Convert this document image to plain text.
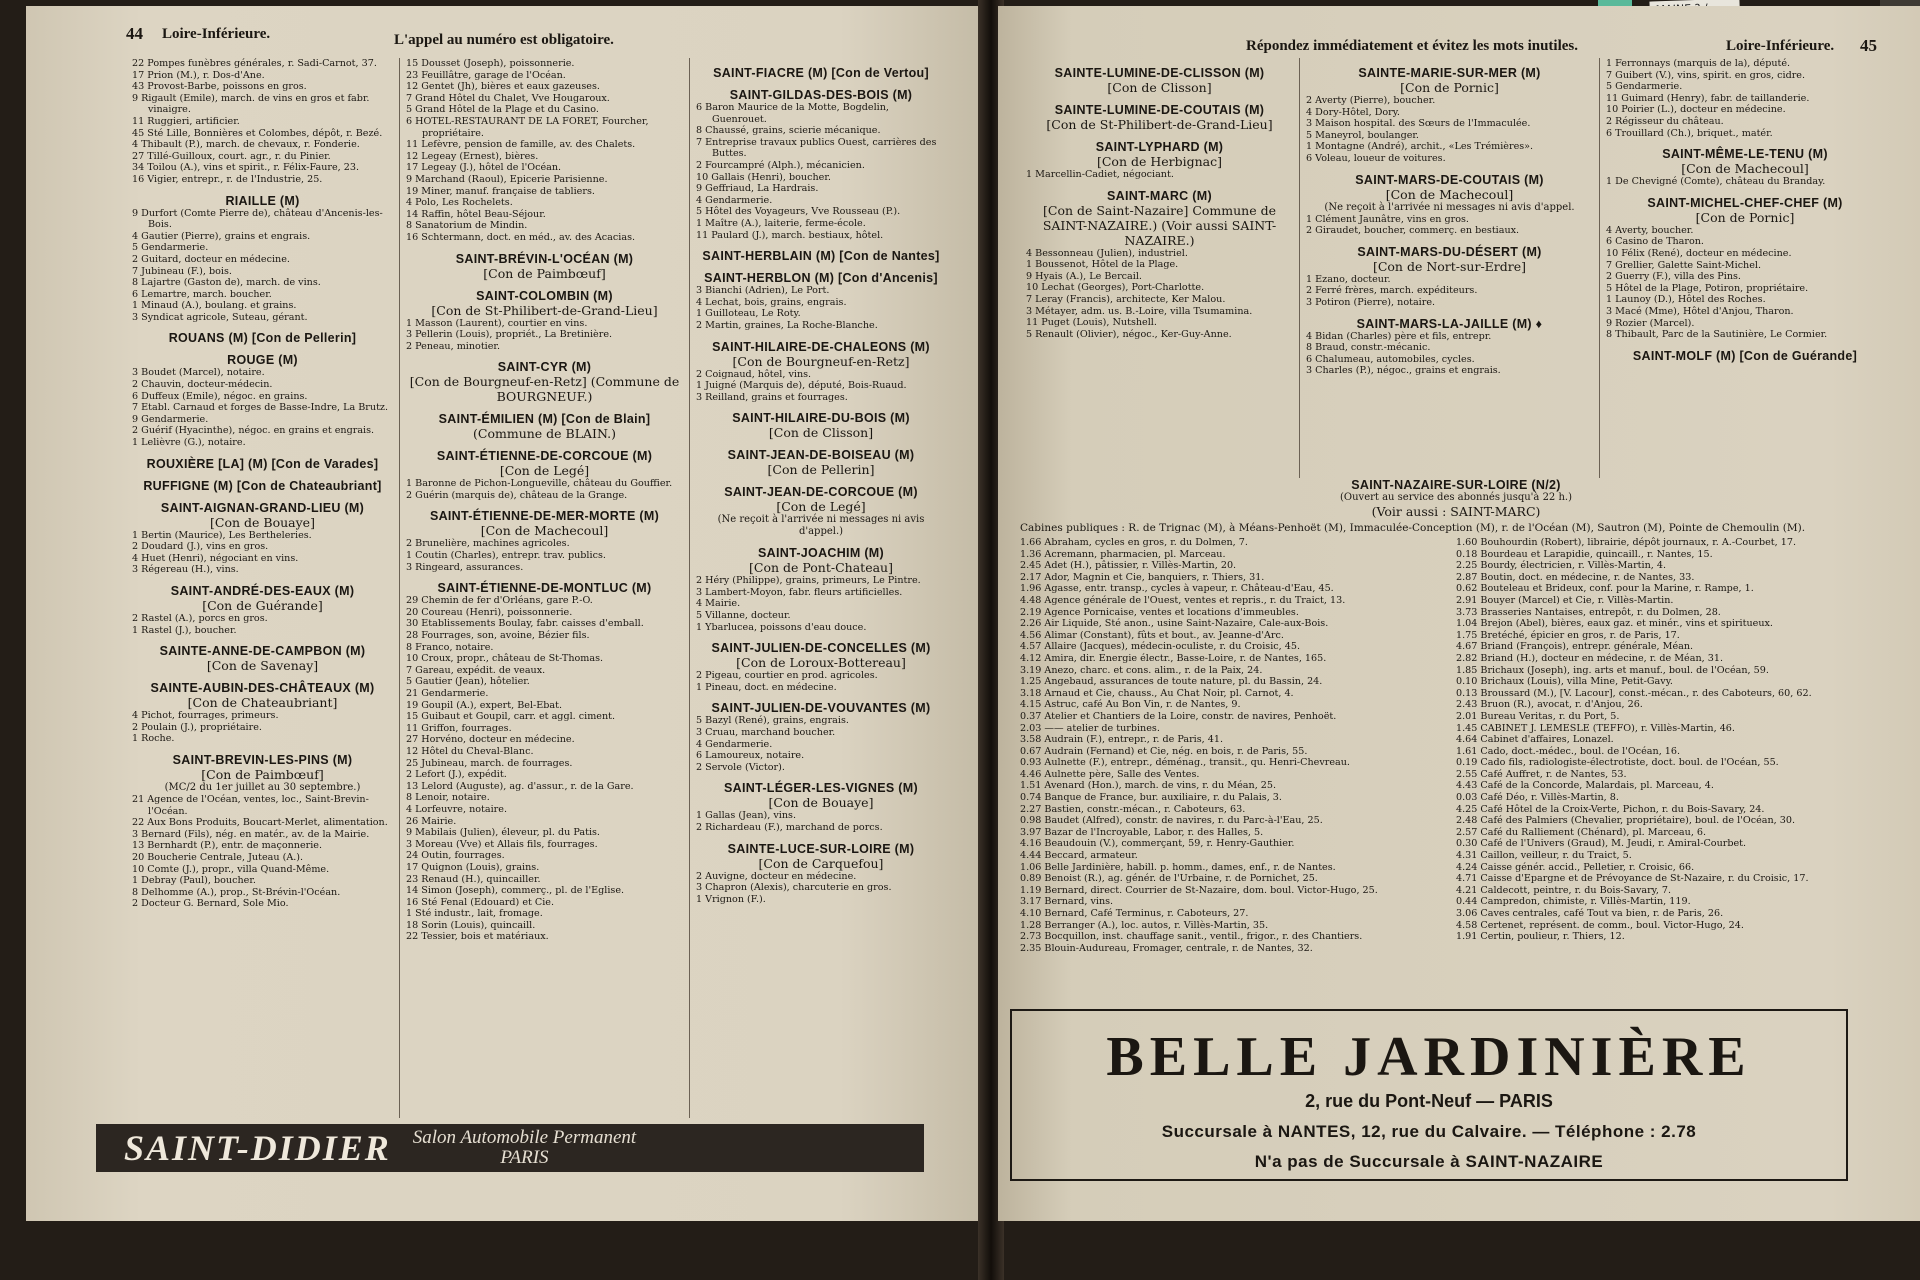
44 Loire-Inférieure.	L'appel au numéro est obligatoire.
22 Pompes funèbres générales, r. Sadi-Carnot, 37.
17 Prion (M.), r. Dos-d'Ane.
43 Provost-Barbe, poissons en gros.
9 Rigault (Emile), march. de vins en gros et fabr. vinaigre.
11 Ruggieri, artificier.
45 Sté Lille, Bonnières et Colombes, dépôt, r. Bezé.
4 Thibault (P.), march. de chevaux, r. Fonderie.
27 Tillé-Guilloux, court. agr., r. du Pinier.
34 Toilou (A.), vins et spirit., r. Félix-Faure, 23.
16 Vigier, entrepr., r. de l'Industrie, 25.
RIAILLE (M)
9 Durfort (Comte Pierre de), château d'Ancenis-les-Bois.
4 Gautier (Pierre), grains et engrais.
5 Gendarmerie.
2 Guitard, docteur en médecine.
7 Jubineau (F.), bois.
8 Lajartre (Gaston de), march. de vins.
6 Lemartre, march. boucher.
1 Minaud (A.), boulang. et grains.
3 Syndicat agricole, Suteau, gérant.
ROUANS (M) [Con de Pellerin]
ROUGE (M)
3 Boudet (Marcel), notaire.
2 Chauvin, docteur-médecin.
6 Duffeux (Emile), négoc. en grains.
7 Etabl. Carnaud et forges de Basse-Indre, La Brutz.
9 Gendarmerie.
2 Guérif (Hyacinthe), négoc. en grains et engrais.
1 Lelièvre (G.), notaire.
ROUXIÈRE [LA] (M) [Con de Varades]
RUFFIGNE (M) [Con de Chateaubriant]
SAINT-AIGNAN-GRAND-LIEU (M)
[Con de Bouaye]
1 Bertin (Maurice), Les Bertheleries.
2 Doudard (J.), vins en gros.
4 Huet (Henri), négociant en vins.
3 Régereau (H.), vins.
SAINT-ANDRÉ-DES-EAUX (M)
[Con de Guérande]
2 Rastel (A.), porcs en gros.
1 Rastel (J.), boucher.
SAINTE-ANNE-DE-CAMPBON (M)
[Con de Savenay]
SAINTE-AUBIN-DES-CHÂTEAUX (M)
[Con de Chateaubriant]
4 Pichot, fourrages, primeurs.
2 Poulain (J.), propriétaire.
1 Roche.
SAINT-BREVIN-LES-PINS (M)
[Con de Paimbœuf]
(MC/2 du 1er juillet au 30 septembre.)
21 Agence de l'Océan, ventes, loc., Saint-Brevin-l'Océan.
22 Aux Bons Produits, Boucart-Merlet, alimentation.
3 Bernard (Fils), nég. en matér., av. de la Mairie.
13 Bernhardt (P.), entr. de maçonnerie.
20 Boucherie Centrale, Juteau (A.).
10 Comte (J.), propr., villa Quand-Même.
1 Debray (Paul), boucher.
8 Delhomme (A.), prop., St-Brévin-l'Océan.
2 Docteur G. Bernard, Sole Mio.
15 Dousset (Joseph), poissonnerie.
23 Feuillâtre, garage de l'Océan.
12 Gentet (Jh), bières et eaux gazeuses.
7 Grand Hôtel du Chalet, Vve Hougaroux.
5 Grand Hôtel de la Plage et du Casino.
6 HOTEL-RESTAURANT DE LA FORET, Fourcher, propriétaire.
11 Lefèvre, pension de famille, av. des Chalets.
12 Legeay (Ernest), bières.
17 Legeay (J.), hôtel de l'Océan.
9 Marchand (Raoul), Epicerie Parisienne.
19 Miner, manuf. française de tabliers.
4 Polo, Les Rochelets.
14 Raffin, hôtel Beau-Séjour.
8 Sanatorium de Mindin.
16 Schtermann, doct. en méd., av. des Acacias.
SAINT-BRÉVIN-L'OCÉAN (M)
[Con de Paimbœuf]
SAINT-COLOMBIN (M)
[Con de St-Philibert-de-Grand-Lieu]
1 Masson (Laurent), courtier en vins.
3 Pellerin (Louis), propriét., La Bretinière.
2 Peneau, minotier.
SAINT-CYR (M)
[Con de Bourgneuf-en-Retz] (Commune de BOURGNEUF.)
SAINT-ÉMILIEN (M) [Con de Blain]
(Commune de BLAIN.)
SAINT-ÉTIENNE-DE-CORCOUE (M)
[Con de Legé]
1 Baronne de Pichon-Longueville, château du Gouffier.
2 Guérin (marquis de), château de la Grange.
SAINT-ÉTIENNE-DE-MER-MORTE (M)
[Con de Machecoul]
2 Brunelière, machines agricoles.
1 Coutin (Charles), entrepr. trav. publics.
3 Ringeard, assurances.
SAINT-ÉTIENNE-DE-MONTLUC (M)
29 Chemin de fer d'Orléans, gare P.-O.
20 Coureau (Henri), poissonnerie.
30 Etablissements Boulay, fabr. caisses d'emball.
28 Fourrages, son, avoine, Bézier fils.
8 Franco, notaire.
10 Croux, propr., château de St-Thomas.
7 Gareau, expédit. de veaux.
5 Gautier (Jean), hôtelier.
21 Gendarmerie.
19 Goupil (A.), expert, Bel-Ebat.
15 Guibaut et Goupil, carr. et aggl. ciment.
11 Griffon, fourrages.
27 Horvéno, docteur en médecine.
12 Hôtel du Cheval-Blanc.
25 Jubineau, march. de fourrages.
2 Lefort (J.), expédit.
13 Lelord (Auguste), ag. d'assur., r. de la Gare.
8 Lenoir, notaire.
4 Lorfeuvre, notaire.
26 Mairie.
9 Mabilais (Julien), éleveur, pl. du Patis.
3 Moreau (Vve) et Allais fils, fourrages.
24 Outin, fourrages.
17 Quignon (Louis), grains.
23 Renaud (H.), quincailler.
14 Simon (Joseph), commerç., pl. de l'Eglise.
16 Sté Fenal (Edouard) et Cie.
1 Sté industr., lait, fromage.
18 Sorin (Louis), quincaill.
22 Tessier, bois et matériaux.
SAINT-FIACRE (M) [Con de Vertou]
SAINT-GILDAS-DES-BOIS (M)
6 Baron Maurice de la Motte, Bogdelin, Guenrouet.
8 Chaussé, grains, scierie mécanique.
7 Entreprise travaux publics Ouest, carrières des Buttes.
2 Fourcampré (Alph.), mécanicien.
10 Gallais (Henri), boucher.
9 Geffriaud, La Hardrais.
4 Gendarmerie.
5 Hôtel des Voyageurs, Vve Rousseau (P.).
1 Maître (A.), laiterie, ferme-école.
11 Paulard (J.), march. bestiaux, hôtel.
SAINT-HERBLAIN (M) [Con de Nantes]
SAINT-HERBLON (M) [Con d'Ancenis]
3 Bianchi (Adrien), Le Port.
4 Lechat, bois, grains, engrais.
1 Guilloteau, Le Roty.
2 Martin, graines, La Roche-Blanche.
SAINT-HILAIRE-DE-CHALEONS (M)
[Con de Bourgneuf-en-Retz]
2 Coignaud, hôtel, vins.
1 Juigné (Marquis de), député, Bois-Ruaud.
3 Reilland, grains et fourrages.
SAINT-HILAIRE-DU-BOIS (M)
[Con de Clisson]
SAINT-JEAN-DE-BOISEAU (M)
[Con de Pellerin]
SAINT-JEAN-DE-CORCOUE (M)
[Con de Legé]
(Ne reçoit à l'arrivée ni messages ni avis d'appel.)
SAINT-JOACHIM (M)
[Con de Pont-Chateau]
2 Héry (Philippe), grains, primeurs, Le Pintre.
3 Lambert-Moyon, fabr. fleurs artificielles.
4 Mairie.
5 Villanne, docteur.
1 Ybarlucea, poissons d'eau douce.
SAINT-JULIEN-DE-CONCELLES (M)
[Con de Loroux-Bottereau]
2 Pigeau, courtier en prod. agricoles.
1 Pineau, doct. en médecine.
SAINT-JULIEN-DE-VOUVANTES (M)
5 Bazyl (René), grains, engrais.
3 Cruau, marchand boucher.
4 Gendarmerie.
6 Lamoureux, notaire.
2 Servole (Victor).
SAINT-LÉGER-LES-VIGNES (M)
[Con de Bouaye]
1 Gallas (Jean), vins.
2 Richardeau (F.), marchand de porcs.
SAINTE-LUCE-SUR-LOIRE (M)
[Con de Carquefou]
2 Auvigne, docteur en médecine.
3 Chapron (Alexis), charcuterie en gros.
1 Vrignon (F.).
SAINT-DIDIER	Salon Automobile Permanent
PARIS
Répondez immédiatement et évitez les mots inutiles.	Loire-Inférieure. 45
SAINTE-LUMINE-DE-CLISSON (M)
[Con de Clisson]
SAINTE-LUMINE-DE-COUTAIS (M)
[Con de St-Philibert-de-Grand-Lieu]
SAINT-LYPHARD (M)
[Con de Herbignac]
1 Marcellin-Cadiet, négociant.
SAINT-MARC (M)
[Con de Saint-Nazaire] Commune de SAINT-NAZAIRE.) (Voir aussi SAINT-NAZAIRE.)
4 Bessonneau (Julien), industriel.
1 Boussenot, Hôtel de la Plage.
9 Hyais (A.), Le Bercail.
10 Lechat (Georges), Port-Charlotte.
7 Leray (Francis), architecte, Ker Malou.
3 Métayer, adm. us. B.-Loire, villa Tsumamina.
11 Puget (Louis), Nutshell.
5 Renault (Olivier), négoc., Ker-Guy-Anne.
SAINTE-MARIE-SUR-MER (M)
[Con de Pornic]
2 Averty (Pierre), boucher.
4 Dory-Hôtel, Dory.
3 Maison hospital. des Sœurs de l'Immaculée.
5 Maneyrol, boulanger.
1 Montagne (André), archit., «Les Trémières».
6 Voleau, loueur de voitures.
SAINT-MARS-DE-COUTAIS (M)
[Con de Machecoul]
(Ne reçoit à l'arrivée ni messages ni avis d'appel.
1 Clément Jaunâtre, vins en gros.
2 Giraudet, boucher, commerç. en bestiaux.
SAINT-MARS-DU-DÉSERT (M)
[Con de Nort-sur-Erdre]
1 Ezano, docteur.
2 Ferré frères, march. expéditeurs.
3 Potiron (Pierre), notaire.
SAINT-MARS-LA-JAILLE (M) ♦
4 Bidan (Charles) père et fils, entrepr.
8 Braud, constr.-mécanic.
6 Chalumeau, automobiles, cycles.
3 Charles (P.), négoc., grains et engrais.
1 Ferronnays (marquis de la), député.
7 Guibert (V.), vins, spirit. en gros, cidre.
5 Gendarmerie.
11 Guimard (Henry), fabr. de taillanderie.
10 Poirier (L.), docteur en médecine.
2 Régisseur du château.
6 Trouillard (Ch.), briquet., matér.
SAINT-MÊME-LE-TENU (M)
[Con de Machecoul]
1 De Chevigné (Comte), château du Branday.
SAINT-MICHEL-CHEF-CHEF (M)
[Con de Pornic]
4 Averty, boucher.
6 Casino de Tharon.
10 Félix (René), docteur en médecine.
7 Grellier, Galette Saint-Michel.
2 Guerry (F.), villa des Pins.
5 Hôtel de la Plage, Potiron, propriétaire.
1 Launoy (D.), Hôtel des Roches.
3 Macé (Mme), Hôtel d'Anjou, Tharon.
9 Rozier (Marcel).
8 Thibault, Parc de la Sautinière, Le Cormier.
SAINT-MOLF (M) [Con de Guérande]
SAINT-NAZAIRE-SUR-LOIRE (N/2)
(Ouvert au service des abonnés jusqu'à 22 h.)
(Voir aussi : SAINT-MARC)
Cabines publiques : R. de Trignac (M), à Méans-Penhoët (M), Immaculée-Conception (M), r. de l'Océan (M), Sautron (M), Pointe de Chemoulin (M).
1.66 Abraham, cycles en gros, r. du Dolmen, 7.
1.36 Acremann, pharmacien, pl. Marceau.
2.45 Adet (H.), pâtissier, r. Villès-Martin, 20.
2.17 Ador, Magnin et Cie, banquiers, r. Thiers, 31.
1.96 Agasse, entr. transp., cycles à vapeur, r. Château-d'Eau, 45.
4.48 Agence générale de l'Ouest, ventes et repris., r. du Traict, 13.
2.19 Agence Pornicaise, ventes et locations d'immeubles.
2.26 Air Liquide, Sté anon., usine Saint-Nazaire, Cale-aux-Bois.
4.56 Alimar (Constant), fûts et bout., av. Jeanne-d'Arc.
4.57 Allaire (Jacques), médecin-oculiste, r. du Croisic, 45.
4.12 Amira, dir. Energie électr., Basse-Loire, r. de Nantes, 165.
3.19 Anezo, charc. et cons. alim., r. de la Paix, 24.
1.25 Angebaud, assurances de toute nature, pl. du Bassin, 24.
3.18 Arnaud et Cie, chauss., Au Chat Noir, pl. Carnot, 4.
4.15 Astruc, café Au Bon Vin, r. de Nantes, 9.
0.37 Atelier et Chantiers de la Loire, constr. de navires, Penhoët.
2.03 —— atelier de turbines.
3.58 Audrain (F.), entrepr., r. de Paris, 41.
0.67 Audrain (Fernand) et Cie, nég. en bois, r. de Paris, 55.
0.93 Aulnette (F.), entrepr., déménag., transit., qu. Henri-Chevreau.
4.46 Aulnette père, Salle des Ventes.
1.51 Avenard (Hon.), march. de vins, r. du Méan, 25.
0.74 Banque de France, bur. auxiliaire, r. du Palais, 3.
2.27 Bastien, constr.-mécan., r. Caboteurs, 63.
0.98 Baudet (Alfred), constr. de navires, r. du Parc-à-l'Eau, 25.
3.97 Bazar de l'Incroyable, Labor, r. des Halles, 5.
4.16 Beaudouin (V.), commerçant, 59, r. Henry-Gauthier.
4.44 Beccard, armateur.
1.06 Belle Jardinière, habill. p. homm., dames, enf., r. de Nantes.
0.89 Benoist (R.), ag. génér. de l'Urbaine, r. de Pornichet, 25.
1.19 Bernard, direct. Courrier de St-Nazaire, dom. boul. Victor-Hugo, 25.
3.17 Bernard, vins.
4.10 Bernard, Café Terminus, r. Caboteurs, 27.
1.28 Berranger (A.), loc. autos, r. Villès-Martin, 35.
2.73 Bocquillon, inst. chauffage sanit., ventil., frigor., r. des Chantiers.
2.35 Blouin-Audureau, Fromager, centrale, r. de Nantes, 32.
1.60 Bouhourdin (Robert), librairie, dépôt journaux, r. A.-Courbet, 17.
0.18 Bourdeau et Larapidie, quincaill., r. Nantes, 15.
2.25 Bourdy, électricien, r. Villès-Martin, 4.
2.87 Boutin, doct. en médecine, r. de Nantes, 33.
0.62 Bouteleau et Brideux, conf. pour la Marine, r. Rampe, 1.
2.91 Bouyer (Marcel) et Cie, r. Villès-Martin.
3.73 Brasseries Nantaises, entrepôt, r. du Dolmen, 28.
1.04 Brejon (Abel), bières, eaux gaz. et minér., vins et spiritueux.
1.75 Bretéché, épicier en gros, r. de Paris, 17.
4.67 Briand (François), entrepr. générale, Méan.
2.82 Briand (H.), docteur en médecine, r. de Méan, 31.
1.85 Brichaux (Joseph), ing. arts et manuf., boul. de l'Océan, 59.
0.10 Brichaux (Louis), villa Mine, Petit-Gavy.
0.13 Broussard (M.), [V. Lacour], const.-mécan., r. des Caboteurs, 60, 62.
2.43 Bruon (R.), avocat, r. d'Anjou, 26.
2.01 Bureau Veritas, r. du Port, 5.
1.45 CABINET J. LEMESLE (TEFFO), r. Villès-Martin, 46.
4.64 Cabinet d'affaires, Lonazel.
1.61 Cado, doct.-médec., boul. de l'Océan, 16.
0.19 Cado fils, radiologiste-électrotiste, doct. boul. de l'Océan, 55.
2.55 Café Auffret, r. de Nantes, 53.
4.43 Café de la Concorde, Malardais, pl. Marceau, 4.
0.03 Café Déo, r. Villès-Martin, 8.
4.25 Café Hôtel de la Croix-Verte, Pichon, r. du Bois-Savary, 24.
2.48 Café des Palmiers (Chevalier, propriétaire), boul. de l'Océan, 30.
2.57 Café du Ralliement (Chénard), pl. Marceau, 6.
0.30 Café de l'Univers (Graud), M. Jeudi, r. Amiral-Courbet.
4.31 Caillon, veilleur, r. du Traict, 5.
4.24 Caisse génér. accid., Pelletier, r. Croisic, 66.
4.71 Caisse d'Epargne et de Prévoyance de St-Nazaire, r. du Croisic, 17.
4.21 Caldecott, peintre, r. du Bois-Savary, 7.
0.44 Campredon, chimiste, r. Villès-Martin, 119.
3.06 Caves centrales, café Tout va bien, r. de Paris, 26.
4.58 Certenet, représent. de comm., boul. Victor-Hugo, 24.
1.91 Certin, poulieur, r. Thiers, 12.
BELLE JARDINIÈRE
2, rue du Pont-Neuf — PARIS
Succursale à NANTES, 12, rue du Calvaire. — Téléphone : 2.78
N'a pas de Succursale à SAINT-NAZAIRE
